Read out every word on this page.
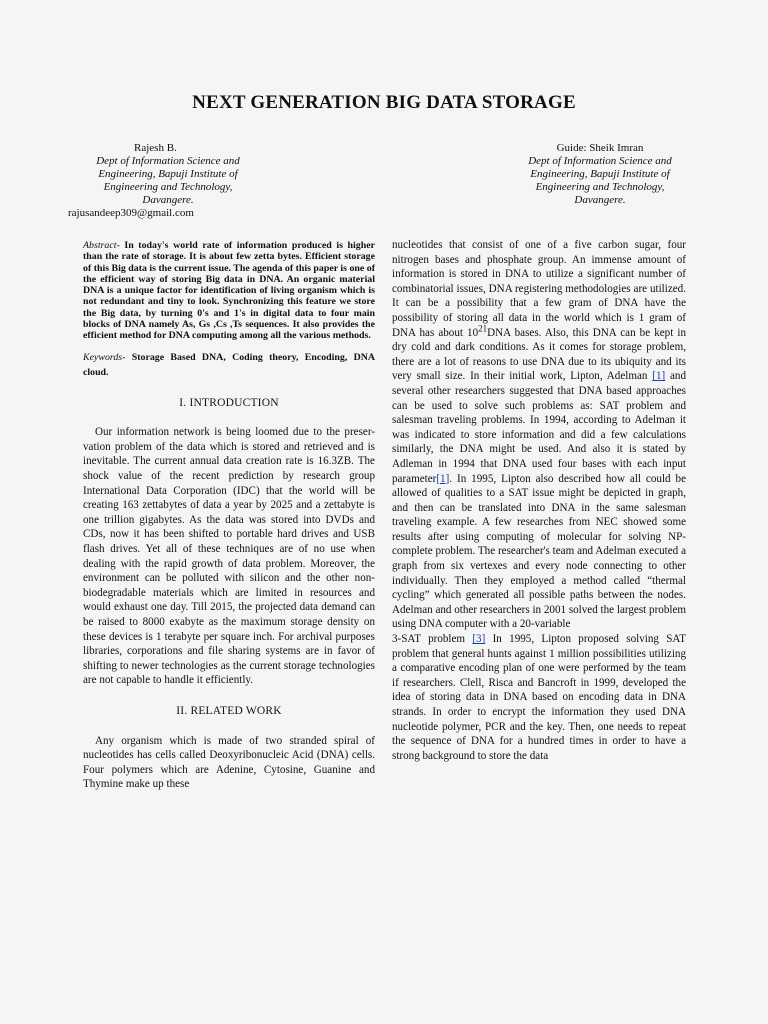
NEXT GENERATION BIG DATA STORAGE
Rajesh B.
Dept of Information Science and
Engineering, Bapuji Institute of
Engineering and Technology,
Davangere.
rajusandeep309@gmail.com
Guide: Sheik Imran
Dept of Information Science and
Engineering, Bapuji Institute of
Engineering and Technology,
Davangere.

Abstract- In today's world rate of information produced is higher than the rate of storage. It is about few zetta bytes. Efficient storage of this Big data is the current issue. The agenda of this paper is one of the efficient way of storing Big data in DNA. An organic material DNA is a unique factor for identification of living organism which is not redundant and tiny to look. Synchronizing this feature we store the Big data, by turning 0's and 1's in digital data to four main blocks of DNA namely As, Gs ,Cs ,Ts sequences. It also provides the efficient method for DNA computing among all the various methods.

Keywords- Storage Based DNA, Coding theory, Encoding, DNA cloud.

I. INTRODUCTION

Our information network is being loomed due to the preser- vation problem of the data which is stored and retrieved and is inevitable. The current annual data creation rate is 16.3ZB. The shock value of the recent prediction by research group International Data Corporation (IDC) that the world will be creating 163 zettabytes of data a year by 2025 and a zettabyte is one trillion gigabytes. As the data was stored into DVDs and CDs, now it has been shifted to portable hard drives and USB flash drives. Yet all of these techniques are of no use when dealing with the rapid growth of data problem. Moreover, the environment can be polluted with silicon and the other non-biodegradable materials which are limited in resources and would exhaust one day. Till 2015, the projected data demand can be raised to 8000 exabyte as the maximum storage density on these devices is 1 terabyte per square inch. For archival purposes libraries, corporations and file sharing systems are in favor of shifting to newer technologies as the current storage technologies are not capable to handle it efficiently.

II. RELATED WORK

Any organism which is made of two stranded spiral of nucleotides has cells called Deoxyribonucleic Acid (DNA) cells. Four polymers which are Adenine, Cytosine, Guanine and Thymine make up these

nucleotides that consist of one of a five carbon sugar, four nitrogen bases and phosphate group. An immense amount of information is stored in DNA to utilize a significant number of combinatorial issues, DNA registering methodologies are utilized. It can be a possibility that a few gram of DNA have the possibility of storing all data in the world which is 1 gram of DNA has about $10^{21}DNA$ bases. Also, this DNA can be kept in dry cold and dark conditions. As it comes for storage problem, there are a lot of reasons to use DNA due to its ubiquity and its very small size. In their initial work, Lipton, Adelman [1] and several other researchers suggested that DNA based approaches can be used to solve such problems as: SAT problem and salesman traveling problems. In 1994, according to Adelman it was indicated to store information and did a few calculations similarly, the DNA might be used. And also it is stated by Adleman in 1994 that DNA used four bases with each input parameter[1]. In 1995, Lipton also described how all could be allowed of qualities to a SAT issue might be depicted in graph, and then can be translated into DNA in the same salesman traveling example. A few researches from NEC showed some results after using computing of molecular for solving NP-complete problem. The researcher's team and Adelman executed a graph from six vertexes and every node connecting to other individually. Then they employed a method called “thermal cycling” which generated all possible paths between the nodes. Adelman and other researchers in 2001 solved the largest problem using DNA computer with a 20-variable

3-SAT problem [3] In 1995, Lipton proposed solving SAT problem that general hunts against 1 million possibilities utilizing a comparative encoding plan of one were performed by the team if researchers. Clell, Risca and Bancroft in 1999, developed the idea of storing data in DNA based on encoding data in DNA strands. In order to encrypt the information they used DNA nucleotide polymer, PCR and the key. Then, one needs to repeat the sequence of DNA for a hundred times in order to have a strong background to store the data
